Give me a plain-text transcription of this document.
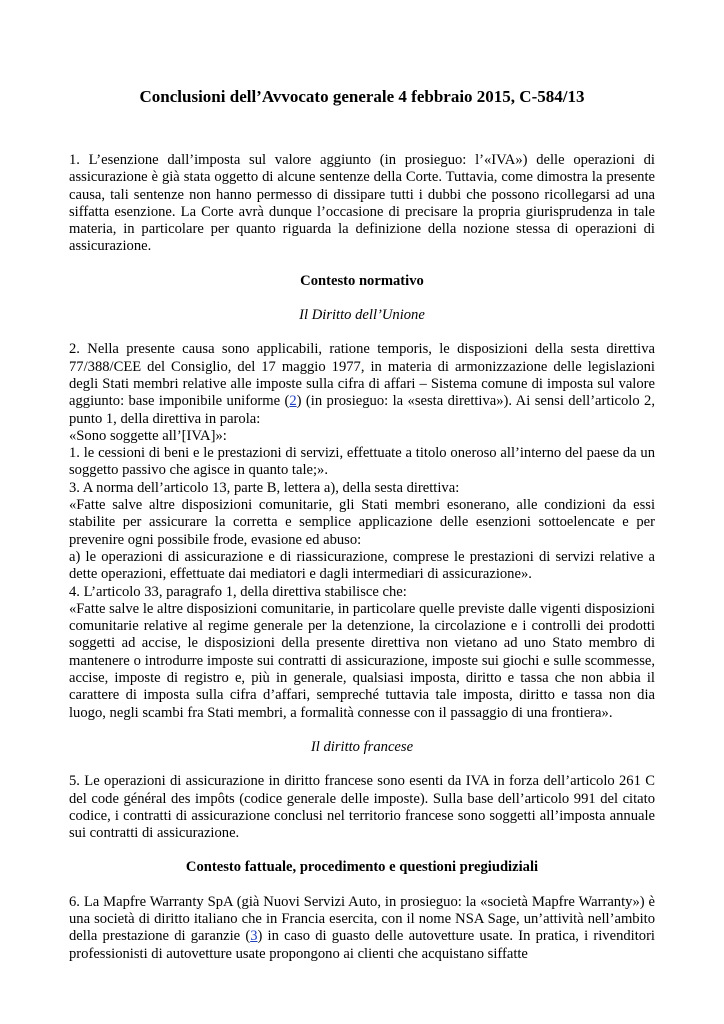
Conclusioni dell’Avvocato generale 4 febbraio 2015, C-584/13

1. L’esenzione dall’imposta sul valore aggiunto (in prosieguo: l’«IVA») delle operazioni di assicurazione è già stata oggetto di alcune sentenze della Corte. Tuttavia, come dimostra la presente causa, tali sentenze non hanno permesso di dissipare tutti i dubbi che possono ricollegarsi ad una siffatta esenzione. La Corte avrà dunque l’occasione di precisare la propria giurisprudenza in tale materia, in particolare per quanto riguarda la definizione della nozione stessa di operazioni di assicurazione.

Contesto normativo

Il Diritto dell’Unione

2. Nella presente causa sono applicabili, ratione temporis, le disposizioni della sesta direttiva 77/388/CEE del Consiglio, del 17 maggio 1977, in materia di armonizzazione delle legislazioni degli Stati membri relative alle imposte sulla cifra di affari – Sistema comune di imposta sul valore aggiunto: base imponibile uniforme (2) (in prosieguo: la «sesta direttiva»). Ai sensi dell’articolo 2, punto 1, della direttiva in parola:

«Sono soggette all’[IVA]»:

1. le cessioni di beni e le prestazioni di servizi, effettuate a titolo oneroso all’interno del paese da un soggetto passivo che agisce in quanto tale;».

3. A norma dell’articolo 13, parte B, lettera a), della sesta direttiva:

«Fatte salve altre disposizioni comunitarie, gli Stati membri esonerano, alle condizioni da essi stabilite per assicurare la corretta e semplice applicazione delle esenzioni sottoelencate e per prevenire ogni possibile frode, evasione ed abuso:

a) le operazioni di assicurazione e di riassicurazione, comprese le prestazioni di servizi relative a dette operazioni, effettuate dai mediatori e dagli intermediari di assicurazione».

4. L’articolo 33, paragrafo 1, della direttiva stabilisce che:

«Fatte salve le altre disposizioni comunitarie, in particolare quelle previste dalle vigenti disposizioni comunitarie relative al regime generale per la detenzione, la circolazione e i controlli dei prodotti soggetti ad accise, le disposizioni della presente direttiva non vietano ad uno Stato membro di mantenere o introdurre imposte sui contratti di assicurazione, imposte sui giochi e sulle scommesse, accise, imposte di registro e, più in generale, qualsiasi imposta, diritto e tassa che non abbia il carattere di imposta sulla cifra d’affari, sempreché tuttavia tale imposta, diritto e tassa non dia luogo, negli scambi fra Stati membri, a formalità connesse con il passaggio di una frontiera».

Il diritto francese

5. Le operazioni di assicurazione in diritto francese sono esenti da IVA in forza dell’articolo 261 C del code général des impôts (codice generale delle imposte). Sulla base dell’articolo 991 del citato codice, i contratti di assicurazione conclusi nel territorio francese sono soggetti all’imposta annuale sui contratti di assicurazione.

Contesto fattuale, procedimento e questioni pregiudiziali

6. La Mapfre Warranty SpA (già Nuovi Servizi Auto, in prosieguo: la «società Mapfre Warranty») è una società di diritto italiano che in Francia esercita, con il nome NSA Sage, un’attività nell’ambito della prestazione di garanzie (3) in caso di guasto delle autovetture usate. In pratica, i rivenditori professionisti di autovetture usate propongono ai clienti che acquistano siffatte
